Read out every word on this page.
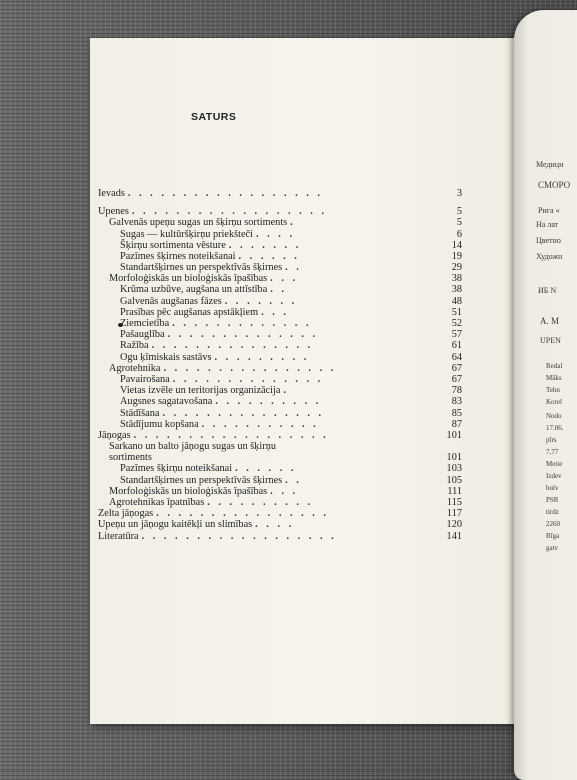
SATURS
Ievads . . . . . . . . . . . . . . . . . .	3
Upenes . . . . . . . . . . . . . . . . . .	5
Galvenās upeņu sugas un šķirņu sortiments .	5
Sugas — kultūršķirņu priekšteči . . . .	6
Šķirņu sortimenta vēsture . . . . . . .	14
Pazīmes šķirnes noteikšanai . . . . . .	19
Standartšķirnes un perspektīvās šķirnes . .	29
Morfoloģiskās un bioloģiskās īpašības . . .	38
Krūma uzbūve, augšana un attīstība . .	38
Galvenās augšanas fāzes . . . . . . .	48
Prasības pēc augšanas apstākļiem . . .	51
Ziemcietība . . . . . . . . . . . . .	52
Pašauglība . . . . . . . . . . . . . .	57
Ražība . . . . . . . . . . . . . . .	61
Ogu ķīmiskais sastāvs . . . . . . . . .	64
Agrotehnika . . . . . . . . . . . . . . . .	67
Pavairošana . . . . . . . . . . . . . .	67
Vietas izvēle un teritorijas organizācija .	78
Augsnes sagatavošana . . . . . . . . . .	83
Stādīšana . . . . . . . . . . . . . . .	85
Stādījumu kopšana . . . . . . . . . . .	87
Jāņogas . . . . . . . . . . . . . . . . . .	101
Sarkano un balto jāņogu sugas un šķirņu
sortiments	101
Pazīmes šķirņu noteikšanai . . . . . .	103
Standartšķirnes un perspektīvās šķirnes . .	105
Morfoloģiskās un bioloģiskās īpašības . . .	111
Agrotehnikas īpatnības . . . . . . . . . .	115
Zelta jāņogas . . . . . . . . . . . . . . . .	117
Upeņu un jāņogu kaitēkļi un slimības . . . .	120
Literatūra . . . . . . . . . . . . . . . . . .	141
Медици
СМОРО
Рига «
На лат
Цветно
Художн
ИБ N
A. M
UPEN
Redal
Māks
Tehn
Korel
Nodo
17.06.
pīrs
7,77
Metie
Izdev
bulv
PSR
tirdz
2260
Rīga
gatv
